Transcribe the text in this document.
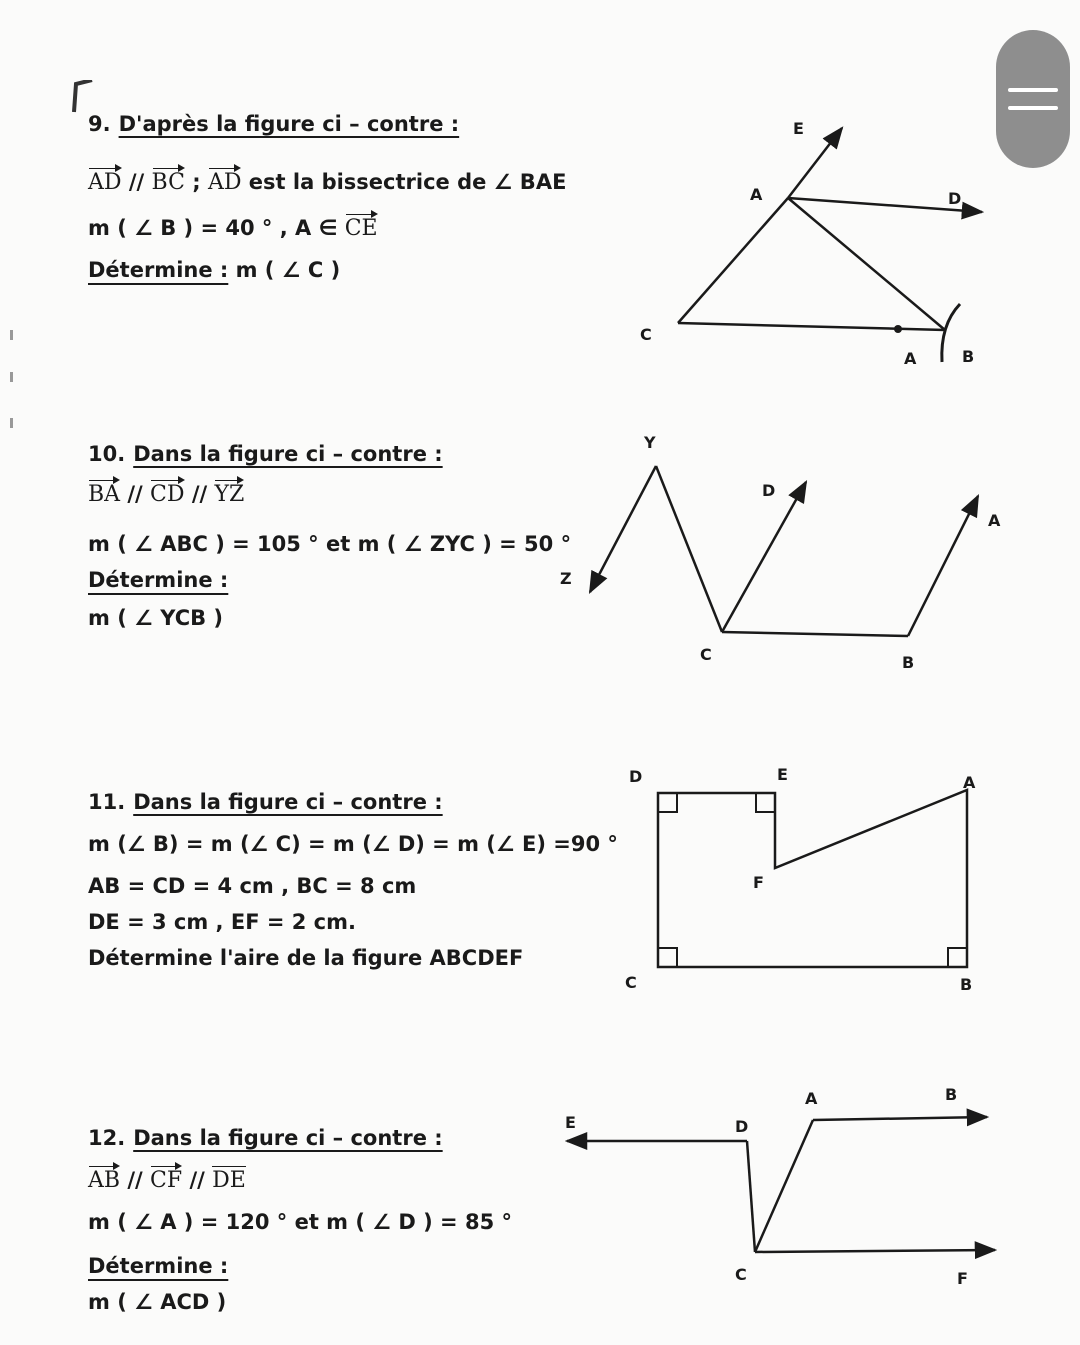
9. D'après la figure ci – contre :
AD // BC ; AD est la bissectrice de ∠ BAE
m ( ∠ B ) = 40 ° , A ∈ CE
Détermine : m ( ∠ C )
E
A	D
C
A	B
10. Dans la figure ci – contre :
BA // CD // YZ
m ( ∠ ABC ) = 105 ° et m ( ∠ ZYC ) = 50 °
Détermine :
m ( ∠ YCB )
Y
D
A
Z
C	B
11. Dans la figure ci – contre :
m (∠ B) = m (∠ C) = m (∠ D) = m (∠ E) =90 °
AB = CD = 4 cm , BC = 8 cm
DE = 3 cm , EF = 2 cm.
Détermine l'aire de la figure ABCDEF
D	E	A
F
C	B
12. Dans la figure ci – contre :
AB // CF // DE
m ( ∠ A ) = 120 ° et m ( ∠ D ) = 85 °
Détermine :
m ( ∠ ACD )
A	B
E	D
C	F
